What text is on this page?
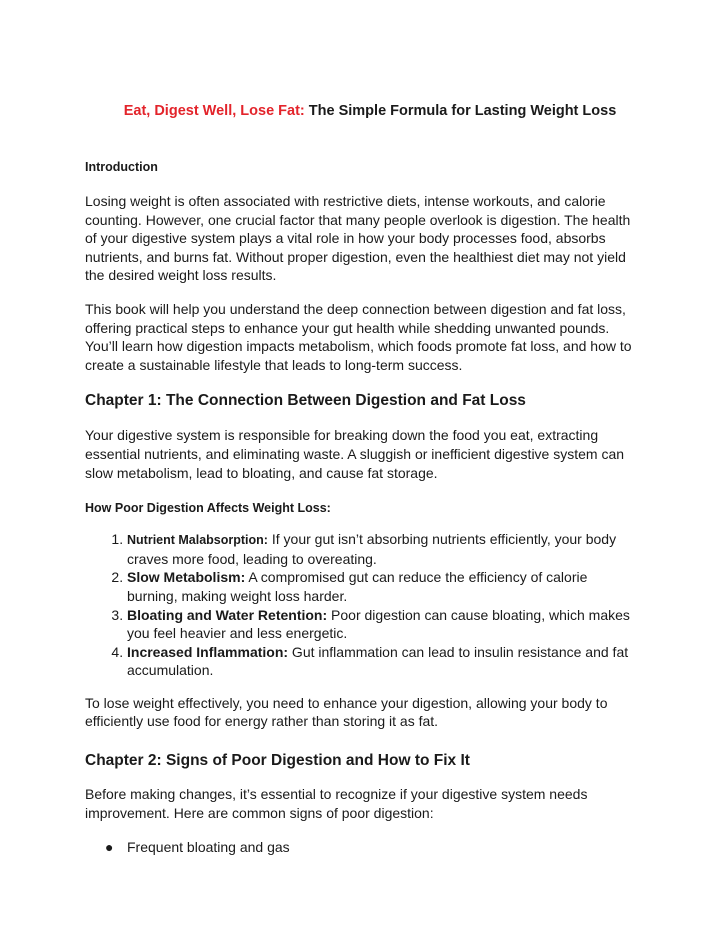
Eat, Digest Well, Lose Fat: The Simple Formula for Lasting Weight Loss
Introduction

Losing weight is often associated with restrictive diets, intense workouts, and calorie counting. However, one crucial factor that many people overlook is digestion. The health of your digestive system plays a vital role in how your body processes food, absorbs nutrients, and burns fat. Without proper digestion, even the healthiest diet may not yield the desired weight loss results.

This book will help you understand the deep connection between digestion and fat loss, offering practical steps to enhance your gut health while shedding unwanted pounds. You’ll learn how digestion impacts metabolism, which foods promote fat loss, and how to create a sustainable lifestyle that leads to long-term success.

Chapter 1: The Connection Between Digestion and Fat Loss

Your digestive system is responsible for breaking down the food you eat, extracting essential nutrients, and eliminating waste. A sluggish or inefficient digestive system can slow metabolism, lead to bloating, and cause fat storage.

How Poor Digestion Affects Weight Loss:
1. Nutrient Malabsorption: If your gut isn’t absorbing nutrients efficiently, your body craves more food, leading to overeating.
2. Slow Metabolism: A compromised gut can reduce the efficiency of calorie burning, making weight loss harder.
3. Bloating and Water Retention: Poor digestion can cause bloating, which makes you feel heavier and less energetic.
4. Increased Inflammation: Gut inflammation can lead to insulin resistance and fat accumulation.

To lose weight effectively, you need to enhance your digestion, allowing your body to efficiently use food for energy rather than storing it as fat.

Chapter 2: Signs of Poor Digestion and How to Fix It

Before making changes, it’s essential to recognize if your digestive system needs improvement. Here are common signs of poor digestion:

● Frequent bloating and gas
